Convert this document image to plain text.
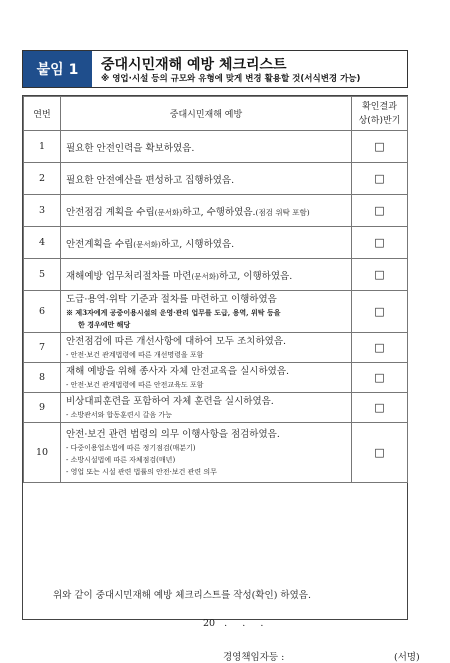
붙임 1	중대시민재해 예방 체크리스트
※ 영업·시설 등의 규모와 유형에 맞게 변경 활용할 것(서식변경 가능)
연번	중대시민재해 예방	확인결과
상(하)반기
1	필요한 안전인력을 확보하였음.	□
2	필요한 안전예산을 편성하고 집행하였음.	□
3	안전점검 계획을 수립(문서화)하고, 수행하였음.(점검 위탁 포함)	□
4	안전계획을 수립(문서화)하고, 시행하였음.	□
5	재해예방 업무처리절차를 마련(문서화)하고, 이행하였음.	□
6	도급·용역·위탁 기준과 절차를 마련하고 이행하였음
※ 제3자에게 공중이용시설의 운영·관리 업무를 도급, 용역, 위탁 등을
한 경우에만 해당	□
7	안전점검에 따른 개선사항에 대하여 모두 조치하였음.
- 안전·보건 관계법령에 따른 개선명령을 포함	□
8	재해 예방을 위해 종사자 자체 안전교육을 실시하였음.
- 안전·보건 관계법령에 따른 안전교육도 포함	□
9	비상대피훈련을 포함하여 자체 훈련을 실시하였음.
- 소방관서와 합동훈련시 갈음 가능	□
10	안전·보건 관련 법령의 의무 이행사항을 점검하였음.
- 다중이용업소법에 따른 정기점검(매분기)
- 소방시설법에 따른 자체점검(매년)
- 영업 또는 시설 관련 법률의 안전·보건 관련 의무	□
위와 같이 중대시민재해 예방 체크리스트를 작성(확인) 하였음.
20   .     .     .
경영책임자등 :	(서명)
